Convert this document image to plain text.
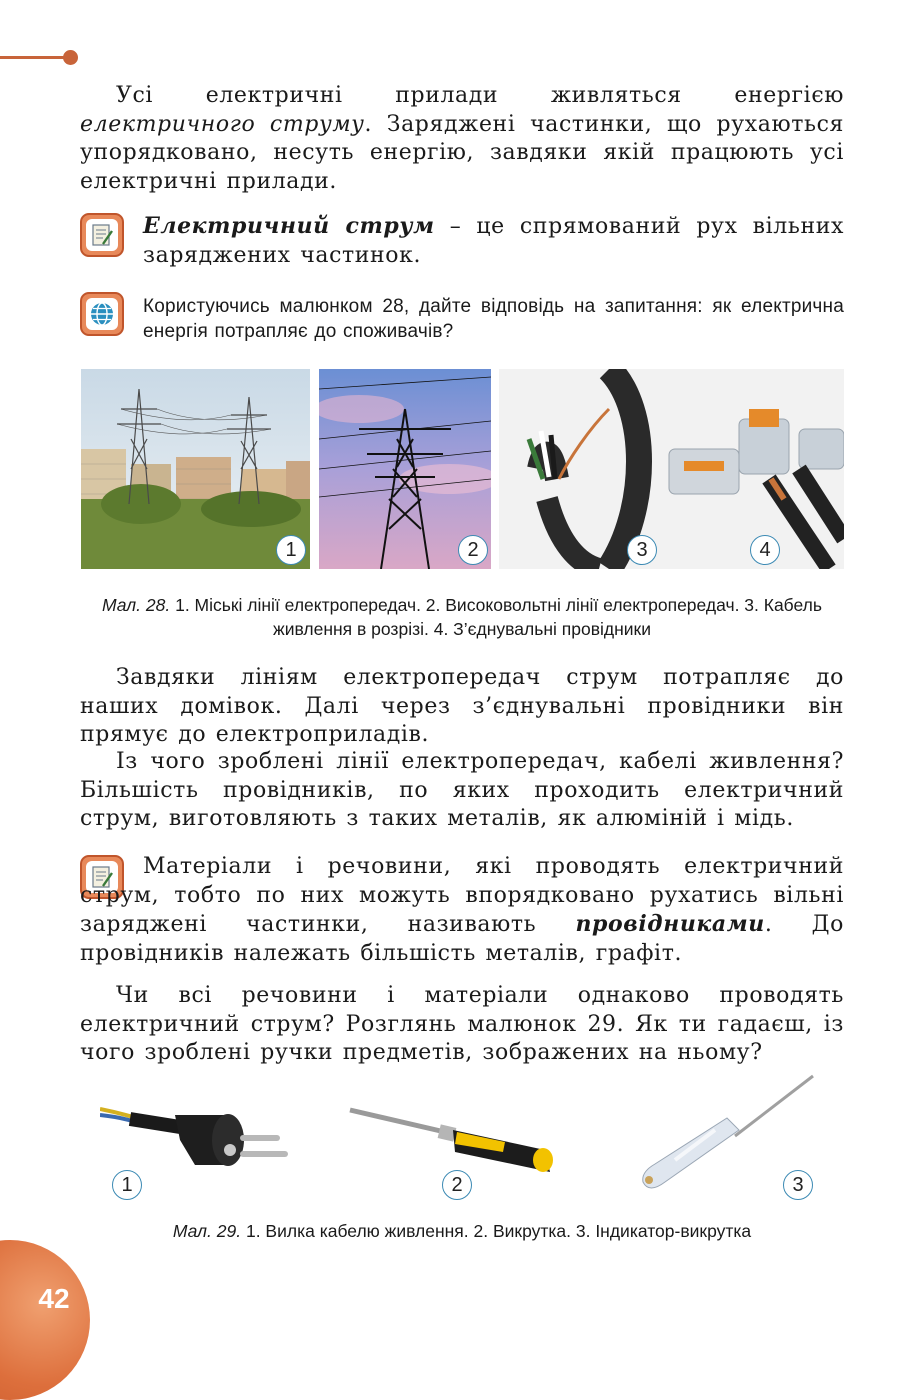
Усі електричні прилади живляться енергією електричного струму. Заряджені частинки, що рухаються упорядковано, несуть енергію, завдяки якій працюють усі електричні прилади.
Електричний струм – це спрямований рух вільних заряджених частинок.
Користуючись малюнком 28, дайте відповідь на запитання: як електрична енергія потрапляє до споживачів?
1	2	3	4
Мал. 28. 1. Міські лінії електропередач. 2. Високовольтні лінії електропередач. 3. Кабель живлення в розрізі. 4. З’єднувальні провідники
Завдяки лініям електропередач струм потрапляє до наших домівок. Далі через з’єднувальні провідники він прямує до електроприладів.
Із чого зроблені лінії електропередач, кабелі живлення? Більшість провідників, по яких проходить електричний струм, виготовляють з таких металів, як алюміній і мідь.
Матеріали і речовини, які проводять електричний струм, тобто по них можуть впорядковано рухатись вільні заряджені частинки, називають провідниками. До провідників належать більшість металів, графіт.
Чи всі речовини і матеріали однаково проводять електричний струм? Розглянь малюнок 29. Як ти гадаєш, із чого зроблені ручки предметів, зображених на ньому?
1	2	3
Мал. 29. 1. Вилка кабелю живлення. 2. Викрутка. 3. Індикатор-викрутка
42
